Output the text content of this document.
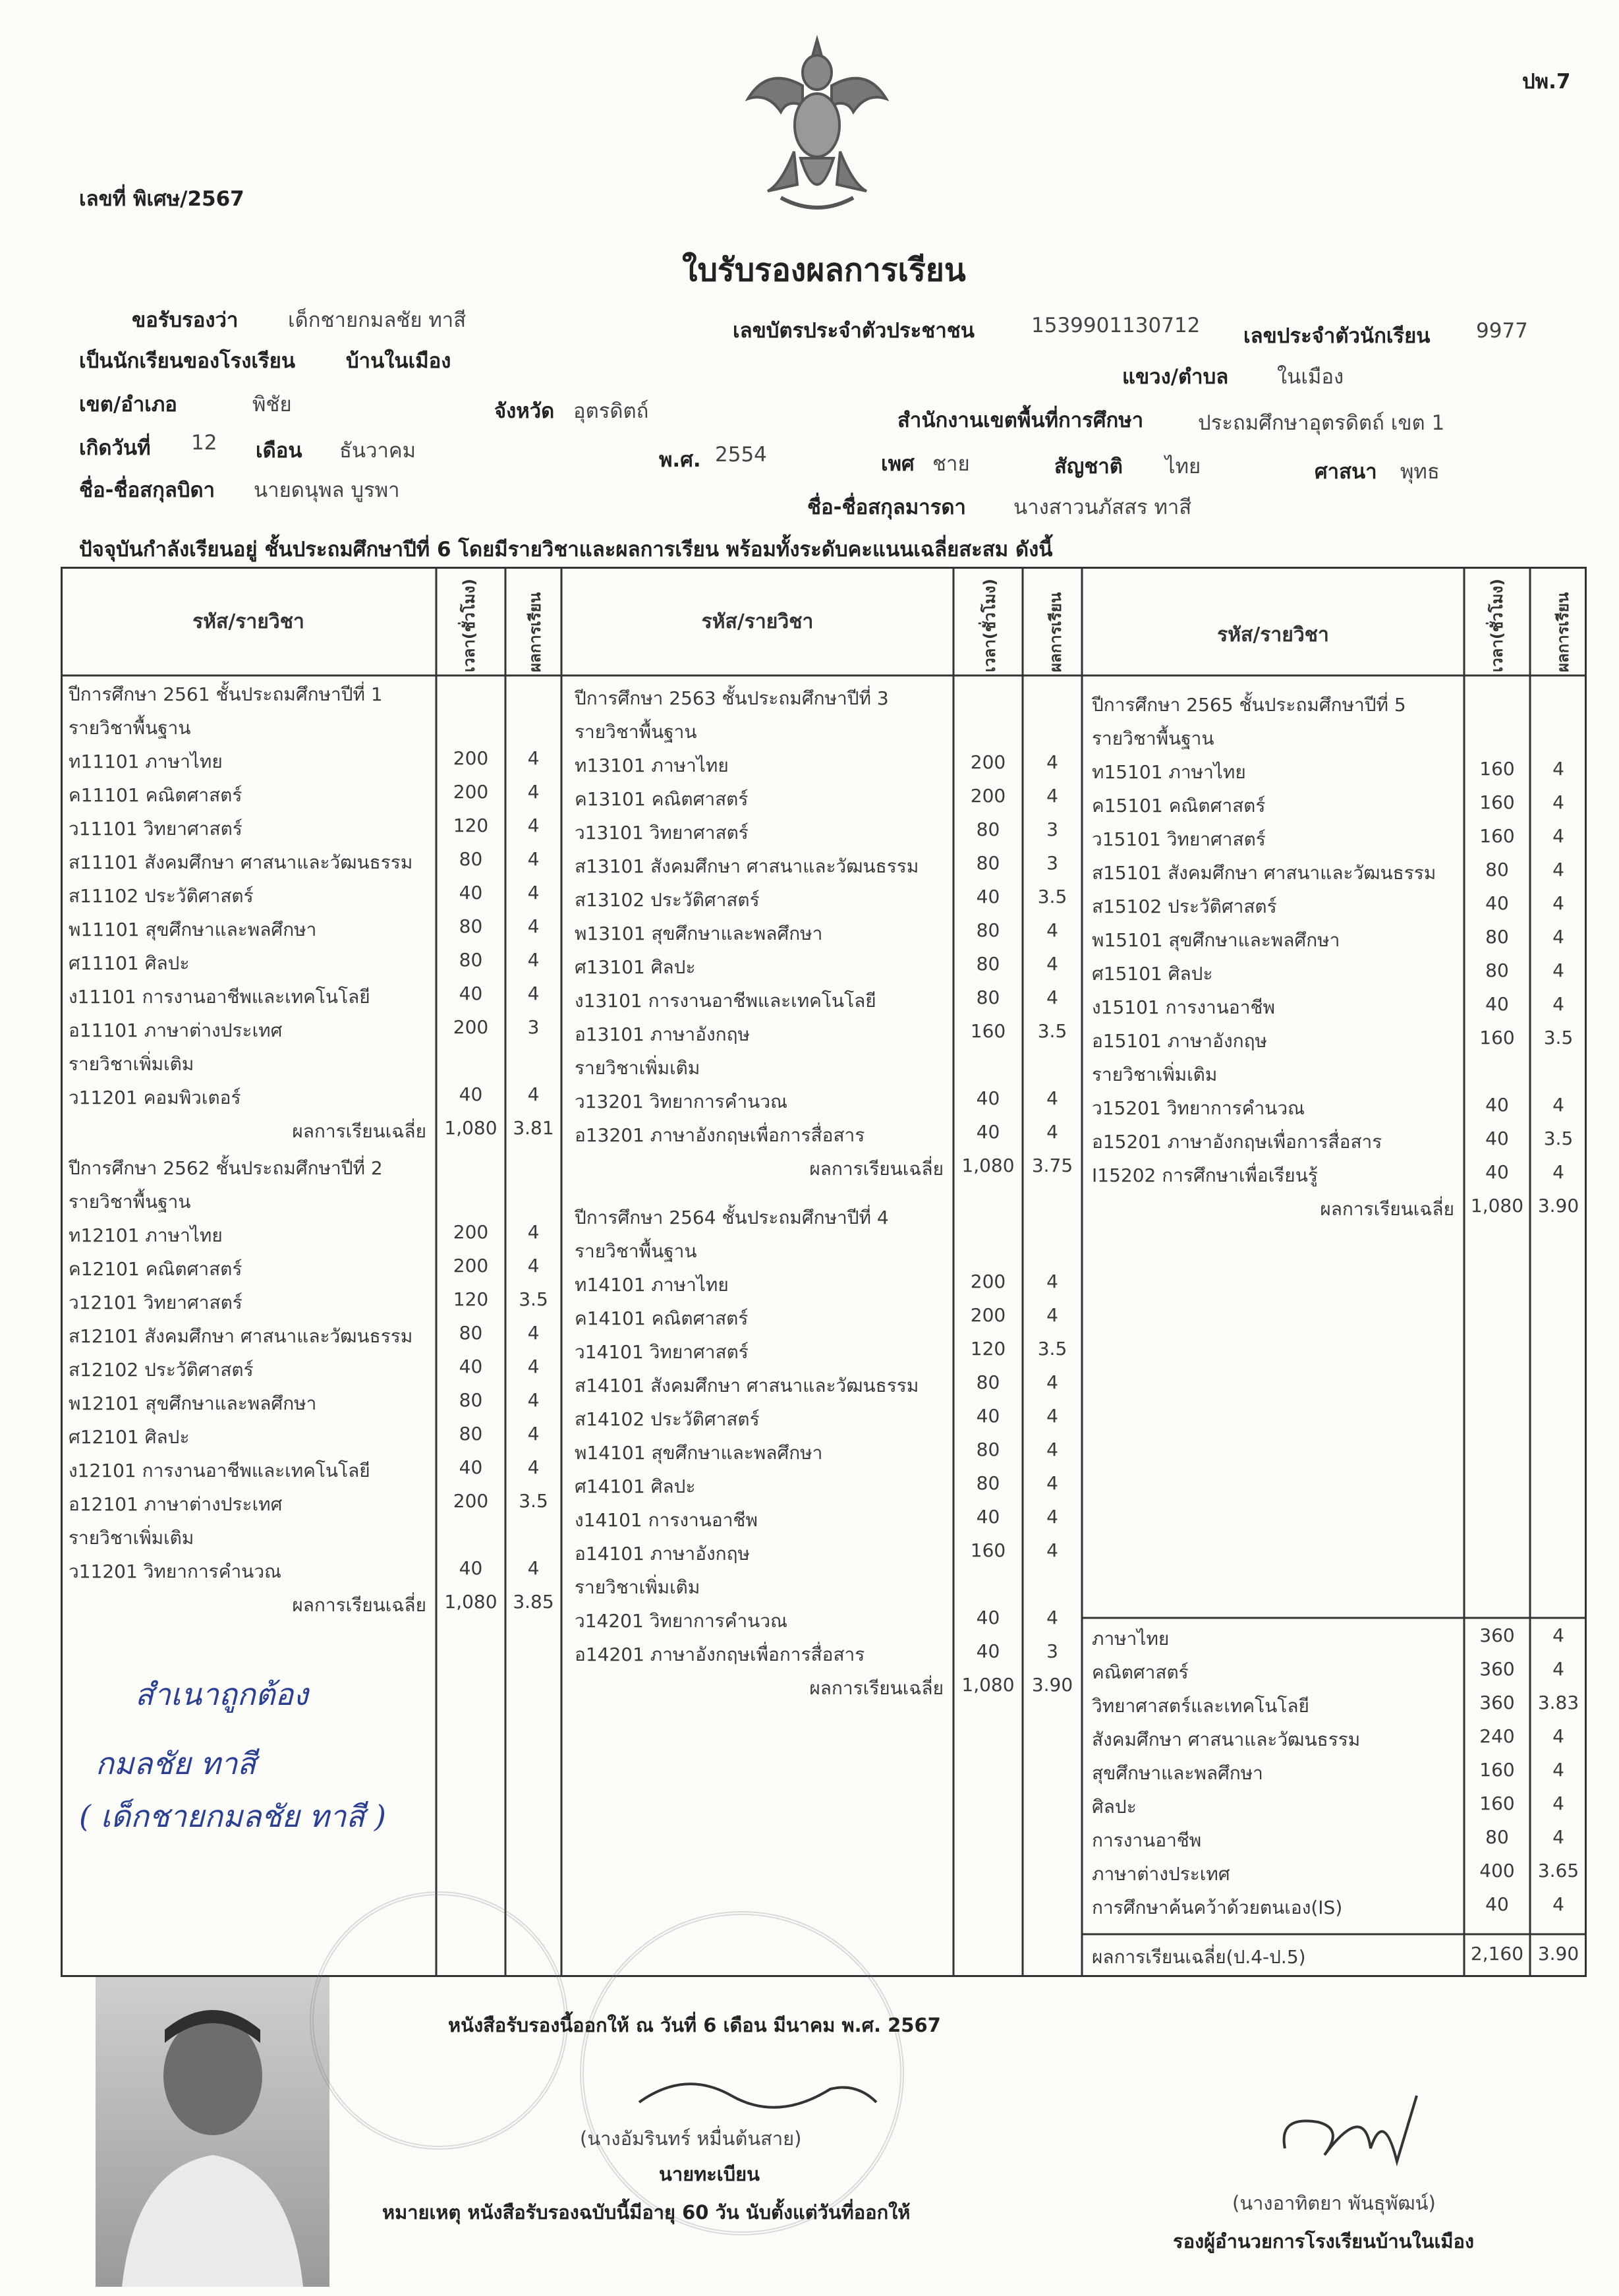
ปพ.7
เลขที่ พิเศษ/2567
ใบรับรองผลการเรียน
ขอรับรองว่า เด็กชายกมลชัย ทาสี	เลขบัตรประจำตัวประชาชน	1539901130712 เลขประจำตัวนักเรียน 9977
เป็นนักเรียนของโรงเรียน บ้านในเมือง
แขวง/ตำบล ในเมือง
เขต/อำเภอ	พิชัย	จังหวัด อุตรดิตถ์	สำนักงานเขตพื้นที่การศึกษา	ประถมศึกษาอุตรดิตถ์ เขต 1
เกิดวันที่ 12 เดือน ธันวาคม	พ.ศ. 2554	เพศ ชาย	สัญชาติ ไทย	ศาสนา พุทธ
ชื่อ-ชื่อสกุลบิดา นายดนุพล บูรพา
ชื่อ-ชื่อสกุลมารดา นางสาวนภัสสร ทาสี
ปัจจุบันกำลังเรียนอยู่ ชั้นประถมศึกษาปีที่ 6 โดยมีรายวิชาและผลการเรียน พร้อมทั้งระดับคะแนนเฉลี่ยสะสม ดังนี้
รหัส/รายวิชา	เวลา(ชั่วโมง)	ผลการเรียน	รหัส/รายวิชา	เวลา(ชั่วโมง)	ผลการเรียน	รหัส/รายวิชา	เวลา(ชั่วโมง)	ผลการเรียน
ปีการศึกษา 2561 ชั้นประถมศึกษาปีที่ 1
รายวิชาพื้นฐาน
ท11101 ภาษาไทย	200	4
ค11101 คณิตศาสตร์	200	4
ว11101 วิทยาศาสตร์	120	4
ส11101 สังคมศึกษา ศาสนาและวัฒนธรรม	80	4
ส11102 ประวัติศาสตร์	40	4
พ11101 สุขศึกษาและพลศึกษา	80	4
ศ11101 ศิลปะ	80	4
ง11101 การงานอาชีพและเทคโนโลยี	40	4
อ11101 ภาษาต่างประเทศ	200	3
รายวิชาเพิ่มเติม
ว11201 คอมพิวเตอร์	40	4
ผลการเรียนเฉลี่ย 1,080 3.81
ปีการศึกษา 2562 ชั้นประถมศึกษาปีที่ 2
รายวิชาพื้นฐาน
ท12101 ภาษาไทย	200	4
ค12101 คณิตศาสตร์	200	4
ว12101 วิทยาศาสตร์	120	3.5
ส12101 สังคมศึกษา ศาสนาและวัฒนธรรม	80	4
ส12102 ประวัติศาสตร์	40	4
พ12101 สุขศึกษาและพลศึกษา	80	4
ศ12101 ศิลปะ	80	4
ง12101 การงานอาชีพและเทคโนโลยี	40	4
อ12101 ภาษาต่างประเทศ	200	3.5
รายวิชาเพิ่มเติม
ว11201 วิทยาการคำนวณ	40	4
ผลการเรียนเฉลี่ย 1,080 3.85
ปีการศึกษา 2563 ชั้นประถมศึกษาปีที่ 3
รายวิชาพื้นฐาน
ท13101 ภาษาไทย	200	4
ค13101 คณิตศาสตร์	200	4
ว13101 วิทยาศาสตร์	80	3
ส13101 สังคมศึกษา ศาสนาและวัฒนธรรม	80	3
ส13102 ประวัติศาสตร์	40	3.5
พ13101 สุขศึกษาและพลศึกษา	80	4
ศ13101 ศิลปะ	80	4
ง13101 การงานอาชีพและเทคโนโลยี	80	4
อ13101 ภาษาอังกฤษ	160	3.5
รายวิชาเพิ่มเติม
ว13201 วิทยาการคำนวณ	40	4
อ13201 ภาษาอังกฤษเพื่อการสื่อสาร	40	4
ผลการเรียนเฉลี่ย 1,080 3.75
ปีการศึกษา 2564 ชั้นประถมศึกษาปีที่ 4
รายวิชาพื้นฐาน
ท14101 ภาษาไทย	200	4
ค14101 คณิตศาสตร์	200	4
ว14101 วิทยาศาสตร์	120	3.5
ส14101 สังคมศึกษา ศาสนาและวัฒนธรรม	80	4
ส14102 ประวัติศาสตร์	40	4
พ14101 สุขศึกษาและพลศึกษา	80	4
ศ14101 ศิลปะ	80	4
ง14101 การงานอาชีพ	40	4
อ14101 ภาษาอังกฤษ	160	4
รายวิชาเพิ่มเติม
ว14201 วิทยาการคำนวณ	40	4
อ14201 ภาษาอังกฤษเพื่อการสื่อสาร	40	3
ผลการเรียนเฉลี่ย 1,080 3.90
ปีการศึกษา 2565 ชั้นประถมศึกษาปีที่ 5
รายวิชาพื้นฐาน
ท15101 ภาษาไทย	160	4
ค15101 คณิตศาสตร์	160	4
ว15101 วิทยาศาสตร์	160	4
ส15101 สังคมศึกษา ศาสนาและวัฒนธรรม	80	4
ส15102 ประวัติศาสตร์	40	4
พ15101 สุขศึกษาและพลศึกษา	80	4
ศ15101 ศิลปะ	80	4
ง15101 การงานอาชีพ	40	4
อ15101 ภาษาอังกฤษ	160	3.5
รายวิชาเพิ่มเติม
ว15201 วิทยาการคำนวณ	40	4
อ15201 ภาษาอังกฤษเพื่อการสื่อสาร	40	3.5
I15202 การศึกษาเพื่อเรียนรู้	40	4
ผลการเรียนเฉลี่ย 1,080 3.90
ภาษาไทย	360	4
คณิตศาสตร์	360	4
วิทยาศาสตร์และเทคโนโลยี	360	3.83
สังคมศึกษา ศาสนาและวัฒนธรรม	240	4
สุขศึกษาและพลศึกษา	160	4
ศิลปะ	160	4
การงานอาชีพ	80	4
ภาษาต่างประเทศ	400	3.65
การศึกษาค้นคว้าด้วยตนเอง(IS)	40	4
ผลการเรียนเฉลี่ย(ป.4-ป.5)	2,160 3.90
สำเนาถูกต้อง
กมลชัย ทาสี
( เด็กชายกมลชัย ทาสี )
หนังสือรับรองนี้ออกให้ ณ วันที่ 6 เดือน มีนาคม พ.ศ. 2567
(นางอัมรินทร์ หมื่นต้นสาย)
นายทะเบียน
หมายเหตุ หนังสือรับรองฉบับนี้มีอายุ 60 วัน นับตั้งแต่วันที่ออกให้	(นางอาทิตยา พันธุพัฒน์)
รองผู้อำนวยการโรงเรียนบ้านในเมือง
